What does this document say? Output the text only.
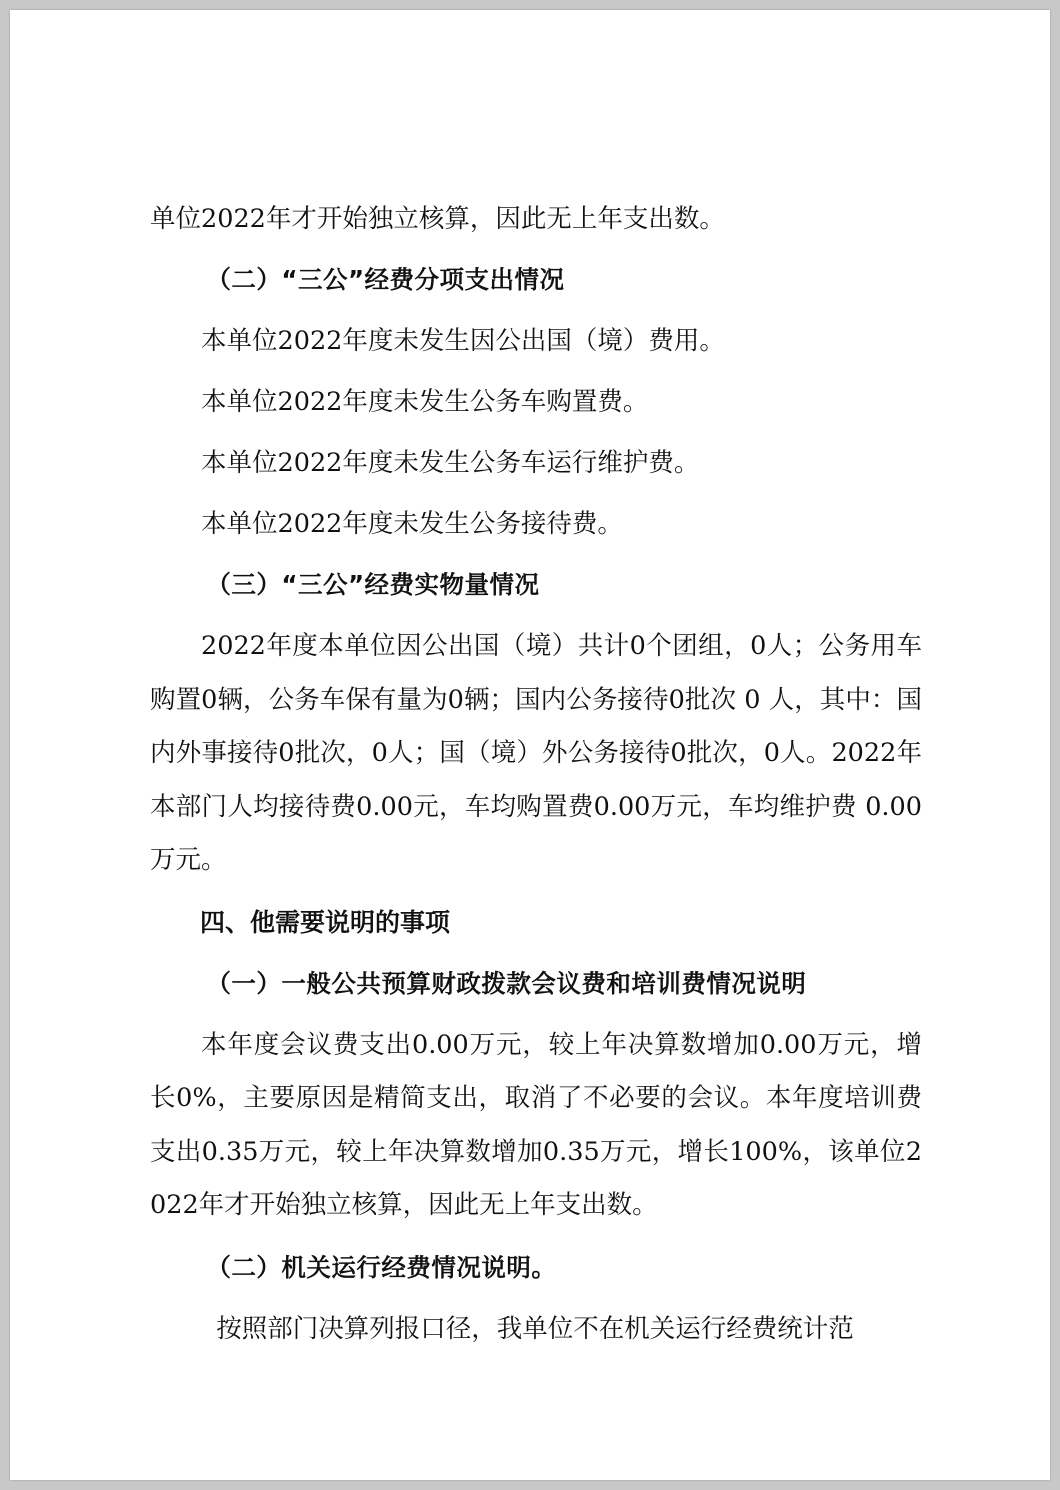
单位2022年才开始独立核算，因此无上年支出数。

（二）“三公”经费分项支出情况

本单位2022年度未发生因公出国（境）费用。

本单位2022年度未发生公务车购置费。

本单位2022年度未发生公务车运行维护费。

本单位2022年度未发生公务接待费。

（三）“三公”经费实物量情况

2022年度本单位因公出国（境）共计0个团组，0人；公务用车购置0辆，公务车保有量为0辆；国内公务接待0批次 0 人，其中：国内外事接待0批次，0人；国（境）外公务接待0批次，0人。2022年本部门人均接待费0.00元，车均购置费0.00万元，车均维护费 0.00万元。

四、他需要说明的事项

（一）一般公共预算财政拨款会议费和培训费情况说明

本年度会议费支出0.00万元，较上年决算数增加0.00万元，增长0%，主要原因是精简支出，取消了不必要的会议。本年度培训费支出0.35万元，较上年决算数增加0.35万元，增长100%，该单位2022年才开始独立核算，因此无上年支出数。

（二）机关运行经费情况说明。

按照部门决算列报口径，我单位不在机关运行经费统计范
